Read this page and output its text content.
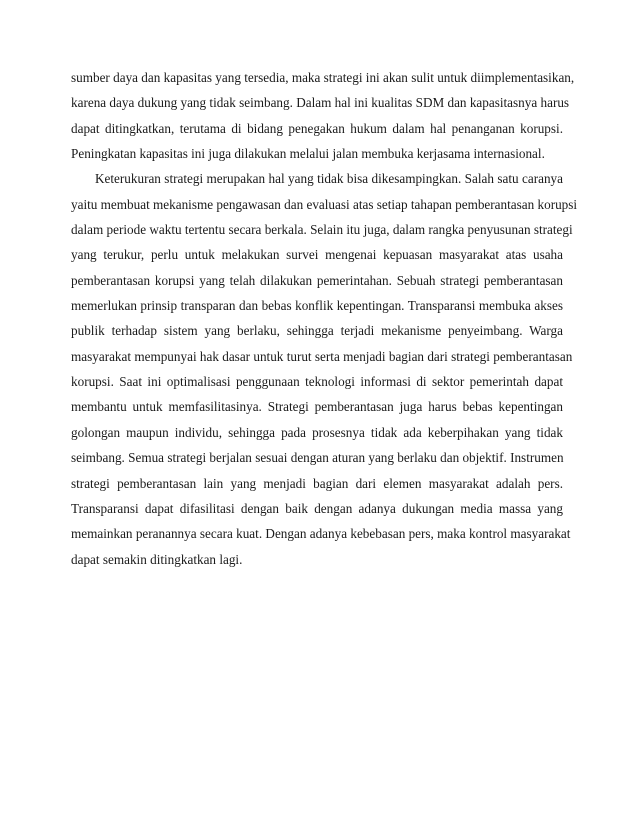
sumber daya dan kapasitas yang tersedia, maka strategi ini akan sulit untuk diimplementasikan,
karena daya dukung yang tidak seimbang. Dalam hal ini kualitas SDM dan kapasitasnya harus
dapat ditingkatkan, terutama di bidang penegakan hukum dalam hal penanganan korupsi.
Peningkatan kapasitas ini juga dilakukan melalui jalan membuka kerjasama internasional.
Keterukuran strategi merupakan hal yang tidak bisa dikesampingkan. Salah satu caranya
yaitu membuat mekanisme pengawasan dan evaluasi atas setiap tahapan pemberantasan korupsi
dalam periode waktu tertentu secara berkala. Selain itu juga, dalam rangka penyusunan strategi
yang terukur, perlu untuk melakukan survei mengenai kepuasan masyarakat atas usaha
pemberantasan korupsi yang telah dilakukan pemerintahan. Sebuah strategi pemberantasan
memerlukan prinsip transparan dan bebas konflik kepentingan. Transparansi membuka akses
publik terhadap sistem yang berlaku, sehingga terjadi mekanisme penyeimbang. Warga
masyarakat mempunyai hak dasar untuk turut serta menjadi bagian dari strategi pemberantasan
korupsi. Saat ini optimalisasi penggunaan teknologi informasi di sektor pemerintah dapat
membantu untuk memfasilitasinya. Strategi pemberantasan juga harus bebas kepentingan
golongan maupun individu, sehingga pada prosesnya tidak ada keberpihakan yang tidak
seimbang. Semua strategi berjalan sesuai dengan aturan yang berlaku dan objektif. Instrumen
strategi pemberantasan lain yang menjadi bagian dari elemen masyarakat adalah pers.
Transparansi dapat difasilitasi dengan baik dengan adanya dukungan media massa yang
memainkan peranannya secara kuat. Dengan adanya kebebasan pers, maka kontrol masyarakat
dapat semakin ditingkatkan lagi.
